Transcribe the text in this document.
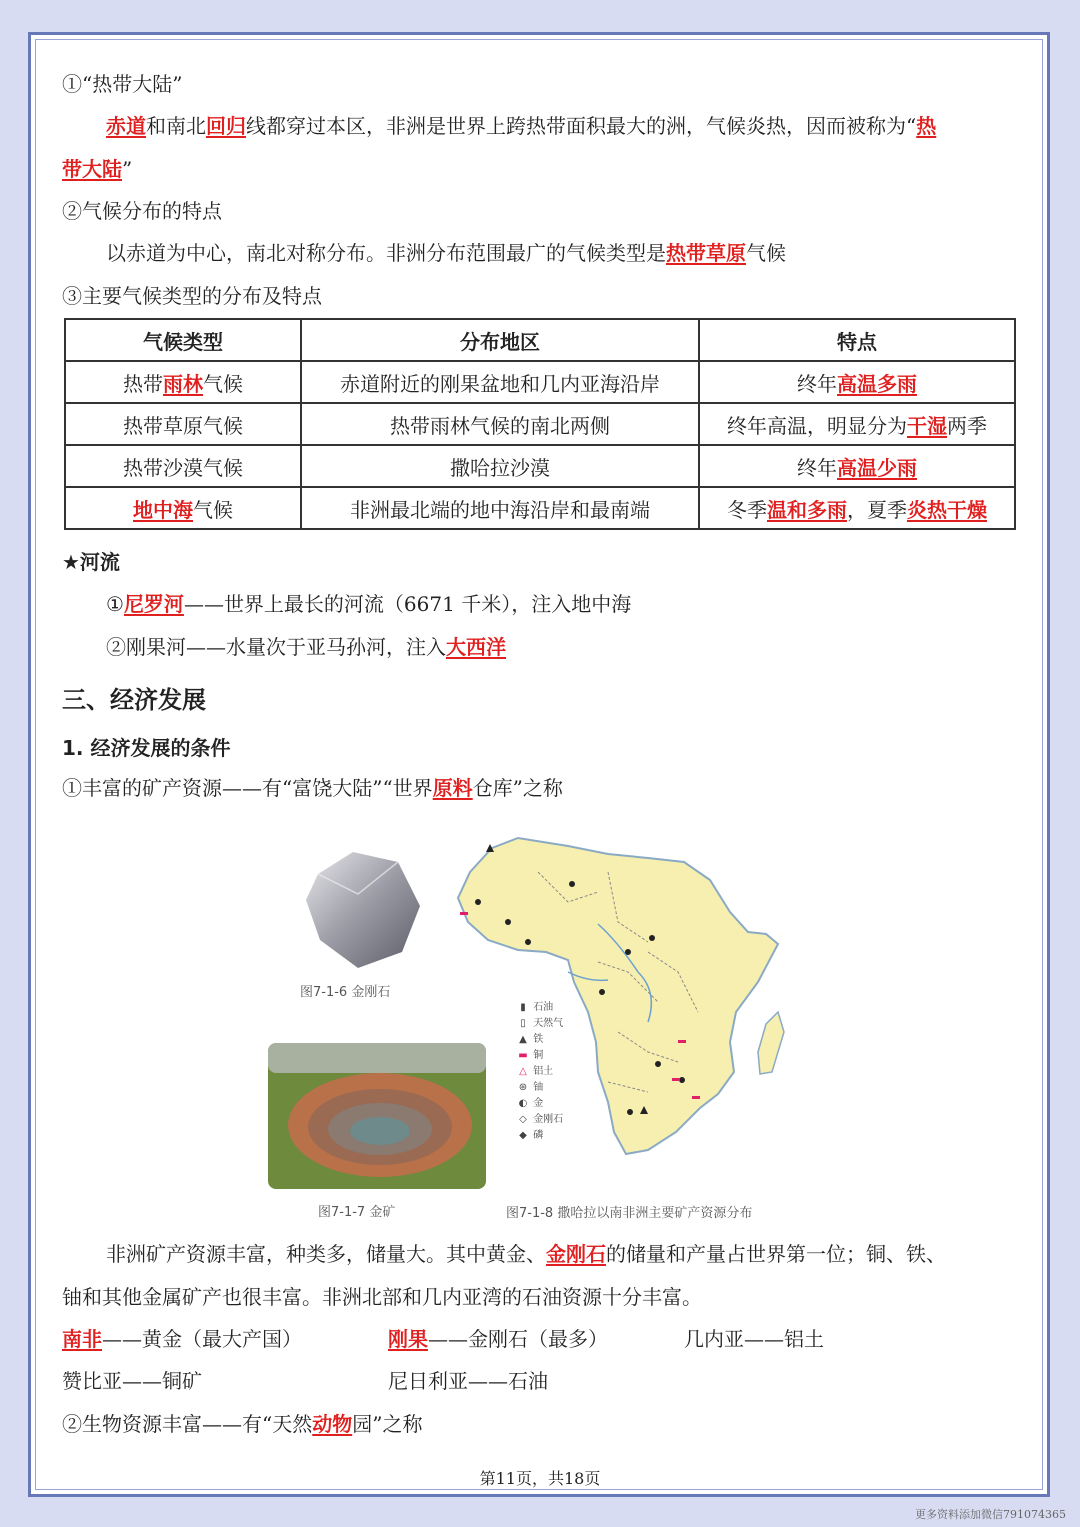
①“热带大陆”
赤道和南北回归线都穿过本区，非洲是世界上跨热带面积最大的洲，气候炎热，因而被称为“热
带大陆”
②气候分布的特点
以赤道为中心，南北对称分布。非洲分布范围最广的气候类型是热带草原气候
③主要气候类型的分布及特点
气候类型	分布地区	特点
热带雨林气候	赤道附近的刚果盆地和几内亚海沿岸	终年高温多雨
热带草原气候	热带雨林气候的南北两侧	终年高温，明显分为干湿两季
热带沙漠气候	撒哈拉沙漠	终年高温少雨
地中海气候	非洲最北端的地中海沿岸和最南端	冬季温和多雨，夏季炎热干燥
★河流
①尼罗河——世界上最长的河流（6671 千米），注入地中海
②刚果河——水量次于亚马孙河，注入大西洋
三、经济发展
1. 经济发展的条件
①丰富的矿产资源——有“富饶大陆”“世界原料仓库”之称
图7-1-6 金刚石
图7-1-7 金矿
▮ 石油
▯ 天然气
▲ 铁
▬ 铜
△ 铝土
⊛ 铀
◐ 金
◇ 金刚石
◆ 磷
图7-1-8 撒哈拉以南非洲主要矿产资源分布
非洲矿产资源丰富，种类多，储量大。其中黄金、金刚石的储量和产量占世界第一位；铜、铁、
铀和其他金属矿产也很丰富。非洲北部和几内亚湾的石油资源十分丰富。
南非——黄金（最大产国）	刚果——金刚石（最多）	几内亚——铝土
赞比亚——铜矿	尼日利亚——石油
②生物资源丰富——有“天然动物园”之称
第11页，共18页
更多资料添加微信791074365
